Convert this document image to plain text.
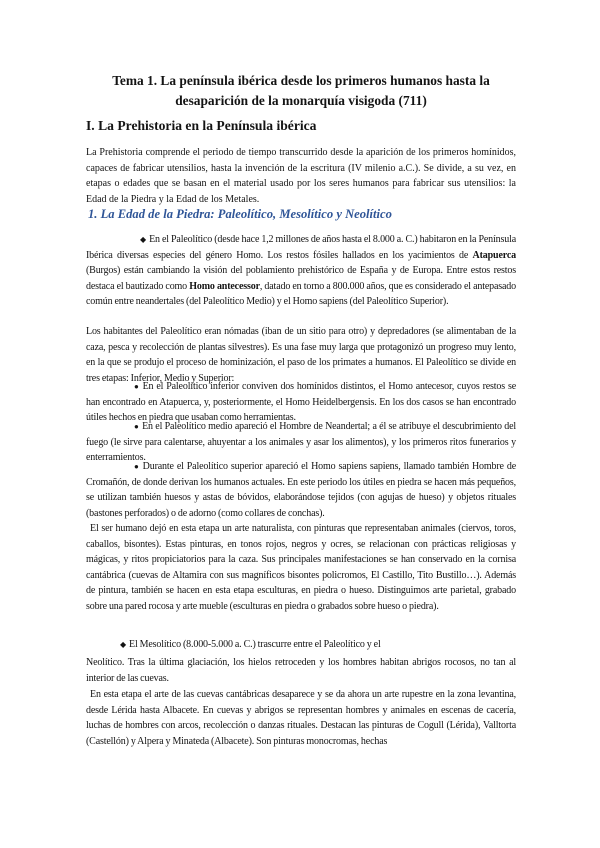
Tema 1. La península ibérica desde los primeros humanos hasta la desaparición de la monarquía visigoda (711)
I. La Prehistoria en la Península ibérica

La Prehistoria comprende el periodo de tiempo transcurrido desde la aparición de los primeros homínidos, capaces de fabricar utensilios, hasta la invención de la escritura (IV milenio a.C.). Se divide, a su vez, en etapas o edades que se basan en el material usado por los seres humanos para fabricar sus utensilios: la Edad de la Piedra y la Edad de los Metales.

1. La Edad de la Piedra: Paleolítico, Mesolítico y Neolítico

◆ En el Paleolítico (desde hace 1,2 millones de años hasta el 8.000 a. C.) habitaron en la Península Ibérica diversas especies del género Homo. Los restos fósiles hallados en los yacimientos de Atapuerca (Burgos) están cambiando la visión del poblamiento prehistórico de España y de Europa. Entre estos restos destaca el bautizado como Homo antecessor, datado en torno a 800.000 años, que es considerado el antepasado común entre neandertales (del Paleolítico Medio) y el Homo sapiens (del Paleolítico Superior).

Los habitantes del Paleolítico eran nómadas (iban de un sitio para otro) y depredadores (se alimentaban de la caza, pesca y recolección de plantas silvestres). Es una fase muy larga que protagonizó un progreso muy lento, en la que se produjo el proceso de hominización, el paso de los primates a humanos. El Paleolítico se divide en tres etapas: Inferior, Medio y Superior:

● En el Paleolítico inferior conviven dos homínidos distintos, el Homo antecesor, cuyos restos se han encontrado en Atapuerca, y, posteriormente, el Homo Heidelbergensis. En los dos casos se han encontrado útiles hechos en piedra que usaban como herramientas.

● En el Paleolítico medio apareció el Hombre de Neandertal; a él se atribuye el descubrimiento del fuego (le sirve para calentarse, ahuyentar a los animales y asar los alimentos), y los primeros ritos funerarios y enterramientos.

● Durante el Paleolítico superior apareció el Homo sapiens sapiens, llamado también Hombre de Cromañón, de donde derivan los humanos actuales. En este periodo los útiles en piedra se hacen más pequeños, se utilizan también huesos y astas de bóvidos, elaborándose tejidos (con agujas de hueso) y objetos rituales (bastones perforados) o de adorno (como collares de conchas).

El ser humano dejó en esta etapa un arte naturalista, con pinturas que representaban animales (ciervos, toros, caballos, bisontes). Estas pinturas, en tonos rojos, negros y ocres, se relacionan con prácticas religiosas y mágicas, y ritos propiciatorios para la caza. Sus principales manifestaciones se han conservado en la cornisa cantábrica (cuevas de Altamira con sus magníficos bisontes policromos, El Castillo, Tito Bustillo…). Además de pintura, también se hacen en esta etapa esculturas, en piedra o hueso. Distinguimos arte parietal, grabado sobre una pared rocosa y arte mueble (esculturas en piedra o grabados sobre hueso o piedra).

◆ El Mesolítico (8.000-5.000 a. C.) trascurre entre el Paleolítico y el

Neolítico. Tras la última glaciación, los hielos retroceden y los hombres habitan abrigos rocosos, no tan al interior de las cuevas.

En esta etapa el arte de las cuevas cantábricas desaparece y se da ahora un arte rupestre en la zona levantina, desde Lérida hasta Albacete. En cuevas y abrigos se representan hombres y animales en escenas de cacería, luchas de hombres con arcos, recolección o danzas rituales. Destacan las pinturas de Cogull (Lérida), Valltorta (Castellón) y Alpera y Minateda (Albacete). Son pinturas monocromas, hechas
